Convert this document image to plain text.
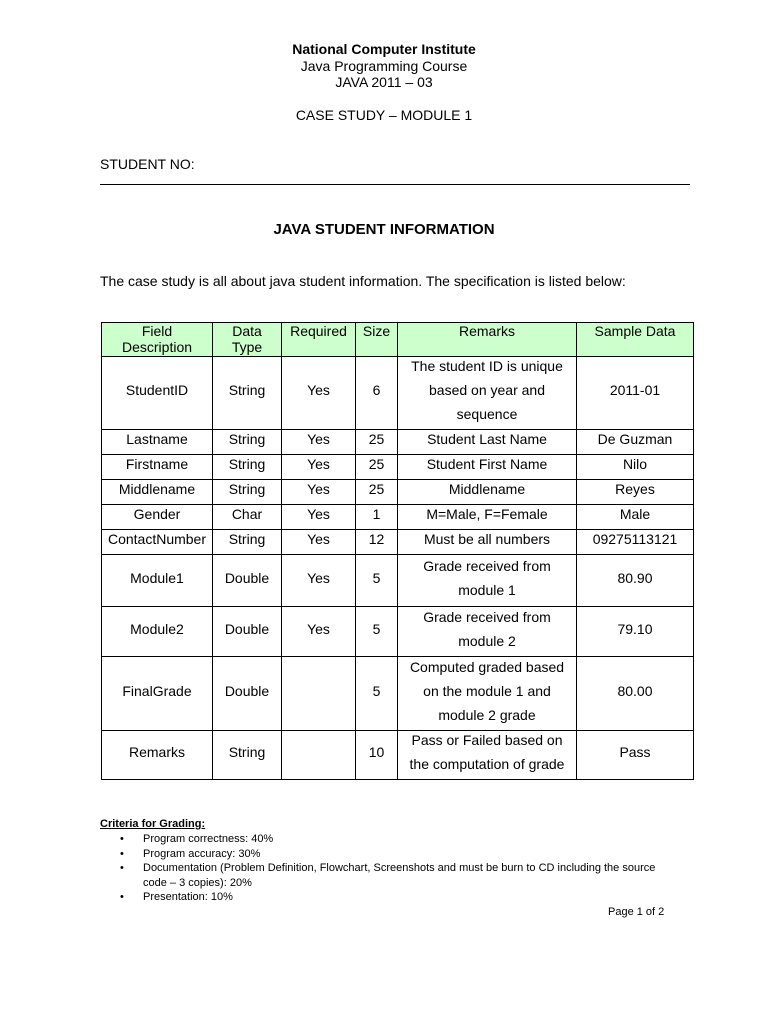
National Computer Institute
Java Programming Course
JAVA 2011 – 03
CASE STUDY – MODULE 1
STUDENT NO:
JAVA STUDENT INFORMATION
The case study is all about java student information. The specification is listed below:
Field Description	Data Type	Required	Size	Remarks	Sample Data

StudentID	String	Yes	6	The student ID is unique
based on year and
sequence	2011-01

Lastname	String	Yes	25	Student Last Name	De Guzman

Firstname	String	Yes	25	Student First Name	Nilo

Middlename	String	Yes	25	Middlename	Reyes

Gender	Char	Yes	1	M=Male, F=Female	Male

ContactNumber	String	Yes	12	Must be all numbers	09275113121

Module1	Double	Yes	5	Grade received from
module 1	80.90

Module2	Double	Yes	5	Grade received from
module 2	79.10

FinalGrade	Double		5	Computed graded based
on the module 1 and
module 2 grade	80.00

Remarks	String		10	Pass or Failed based on
the computation of grade	Pass
Criteria for Grading:
• Program correctness: 40%
• Program accuracy: 30%
• Documentation (Problem Definition, Flowchart, Screenshots and must be burn to CD including the source code – 3 copies): 20%
• Presentation: 10%
Page 1 of 2
